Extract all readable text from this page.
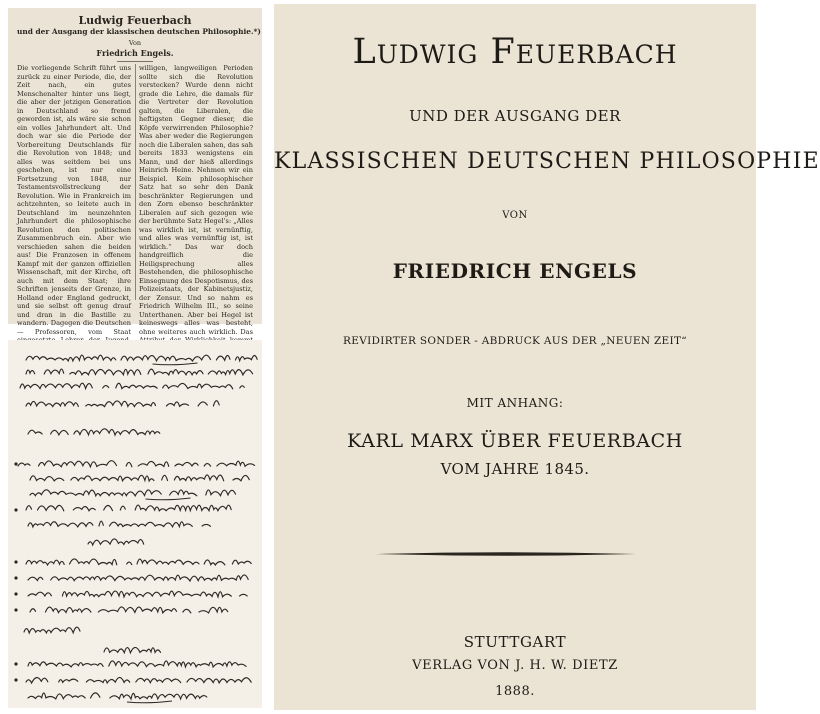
Ludwig Feuerbach
und der Ausgang der klassischen deutschen Philosophie.*)
Von
Friedrich Engels.
Die vorliegende Schrift führt uns zurück zu einer Periode, die, der Zeit nach, ein gutes Menschenalter hinter uns liegt, die aber der jetzigen Generation in Deutschland so fremd geworden ist, als wäre sie schon ein volles Jahrhundert alt. Und doch war sie die Periode der Vorbereitung Deutschlands für die Revolution von 1848; und alles was seitdem bei uns geschehen, ist nur eine Fortsetzung von 1848, nur Testamentsvollstreckung der Revolution. Wie in Frankreich im achtzehnten, so leitete auch in Deutschland im neunzehnten Jahrhundert die philosophische Revolution den politischen Zusammenbruch ein. Aber wie verschieden sahen die beiden aus! Die Franzosen in offenem Kampf mit der ganzen offiziellen Wissenschaft, mit der Kirche, oft auch mit dem Staat; ihre Schriften jenseits der Grenze, in Holland oder England gedruckt, und sie selbst oft genug drauf und dran in die Bastille zu wandern. Dagegen die Deutschen — Professoren, vom Staat
willigen, langweiligen Perioden sollte sich die Revolution verstecken? Wurde denn nicht grade die Lehre, die damals für die Vertreter der Revolution galten, die Liberalen, die heftigsten Gegner dieser, die Köpfe verwirrenden Philosophie? Was aber weder die Regierungen noch die Liberalen sahen, das sah bereits 1833 wenigstens ein Mann, und der hieß allerdings Heinrich Heine. Nehmen wir ein Beispiel. Kein philosophischer Satz hat so sehr den Dank beschränkter Regierungen und den Zorn ebenso beschränkter Liberalen auf sich gezogen wie der berühmte Satz Hegel's: „Alles was wirklich ist, ist vernünftig, und alles was vernünftig ist, ist wirklich.“ Das war doch handgreiflich die Heiligsprechung alles Bestehenden, die philosophische Einsegnung des Despotismus, des Polizeistaats, der Kabinetsjustiz, der Zensur. Und so nahm es Friedrich Wilhelm III., so seine Unterthanen. Aber bei Hegel ist keineswegs alles was besteht, ohne weiteres auch wirklich. Das
Ludwig Feuerbach
UND DER AUSGANG DER
KLASSISCHEN DEUTSCHEN PHILOSOPHIE
VON
FRIEDRICH ENGELS
REVIDIRTER SONDER - ABDRUCK AUS DER „NEUEN ZEIT“
MIT ANHANG:
KARL MARX ÜBER FEUERBACH
VOM JAHRE 1845.
STUTTGART
VERLAG VON J. H. W. DIETZ
1888.
